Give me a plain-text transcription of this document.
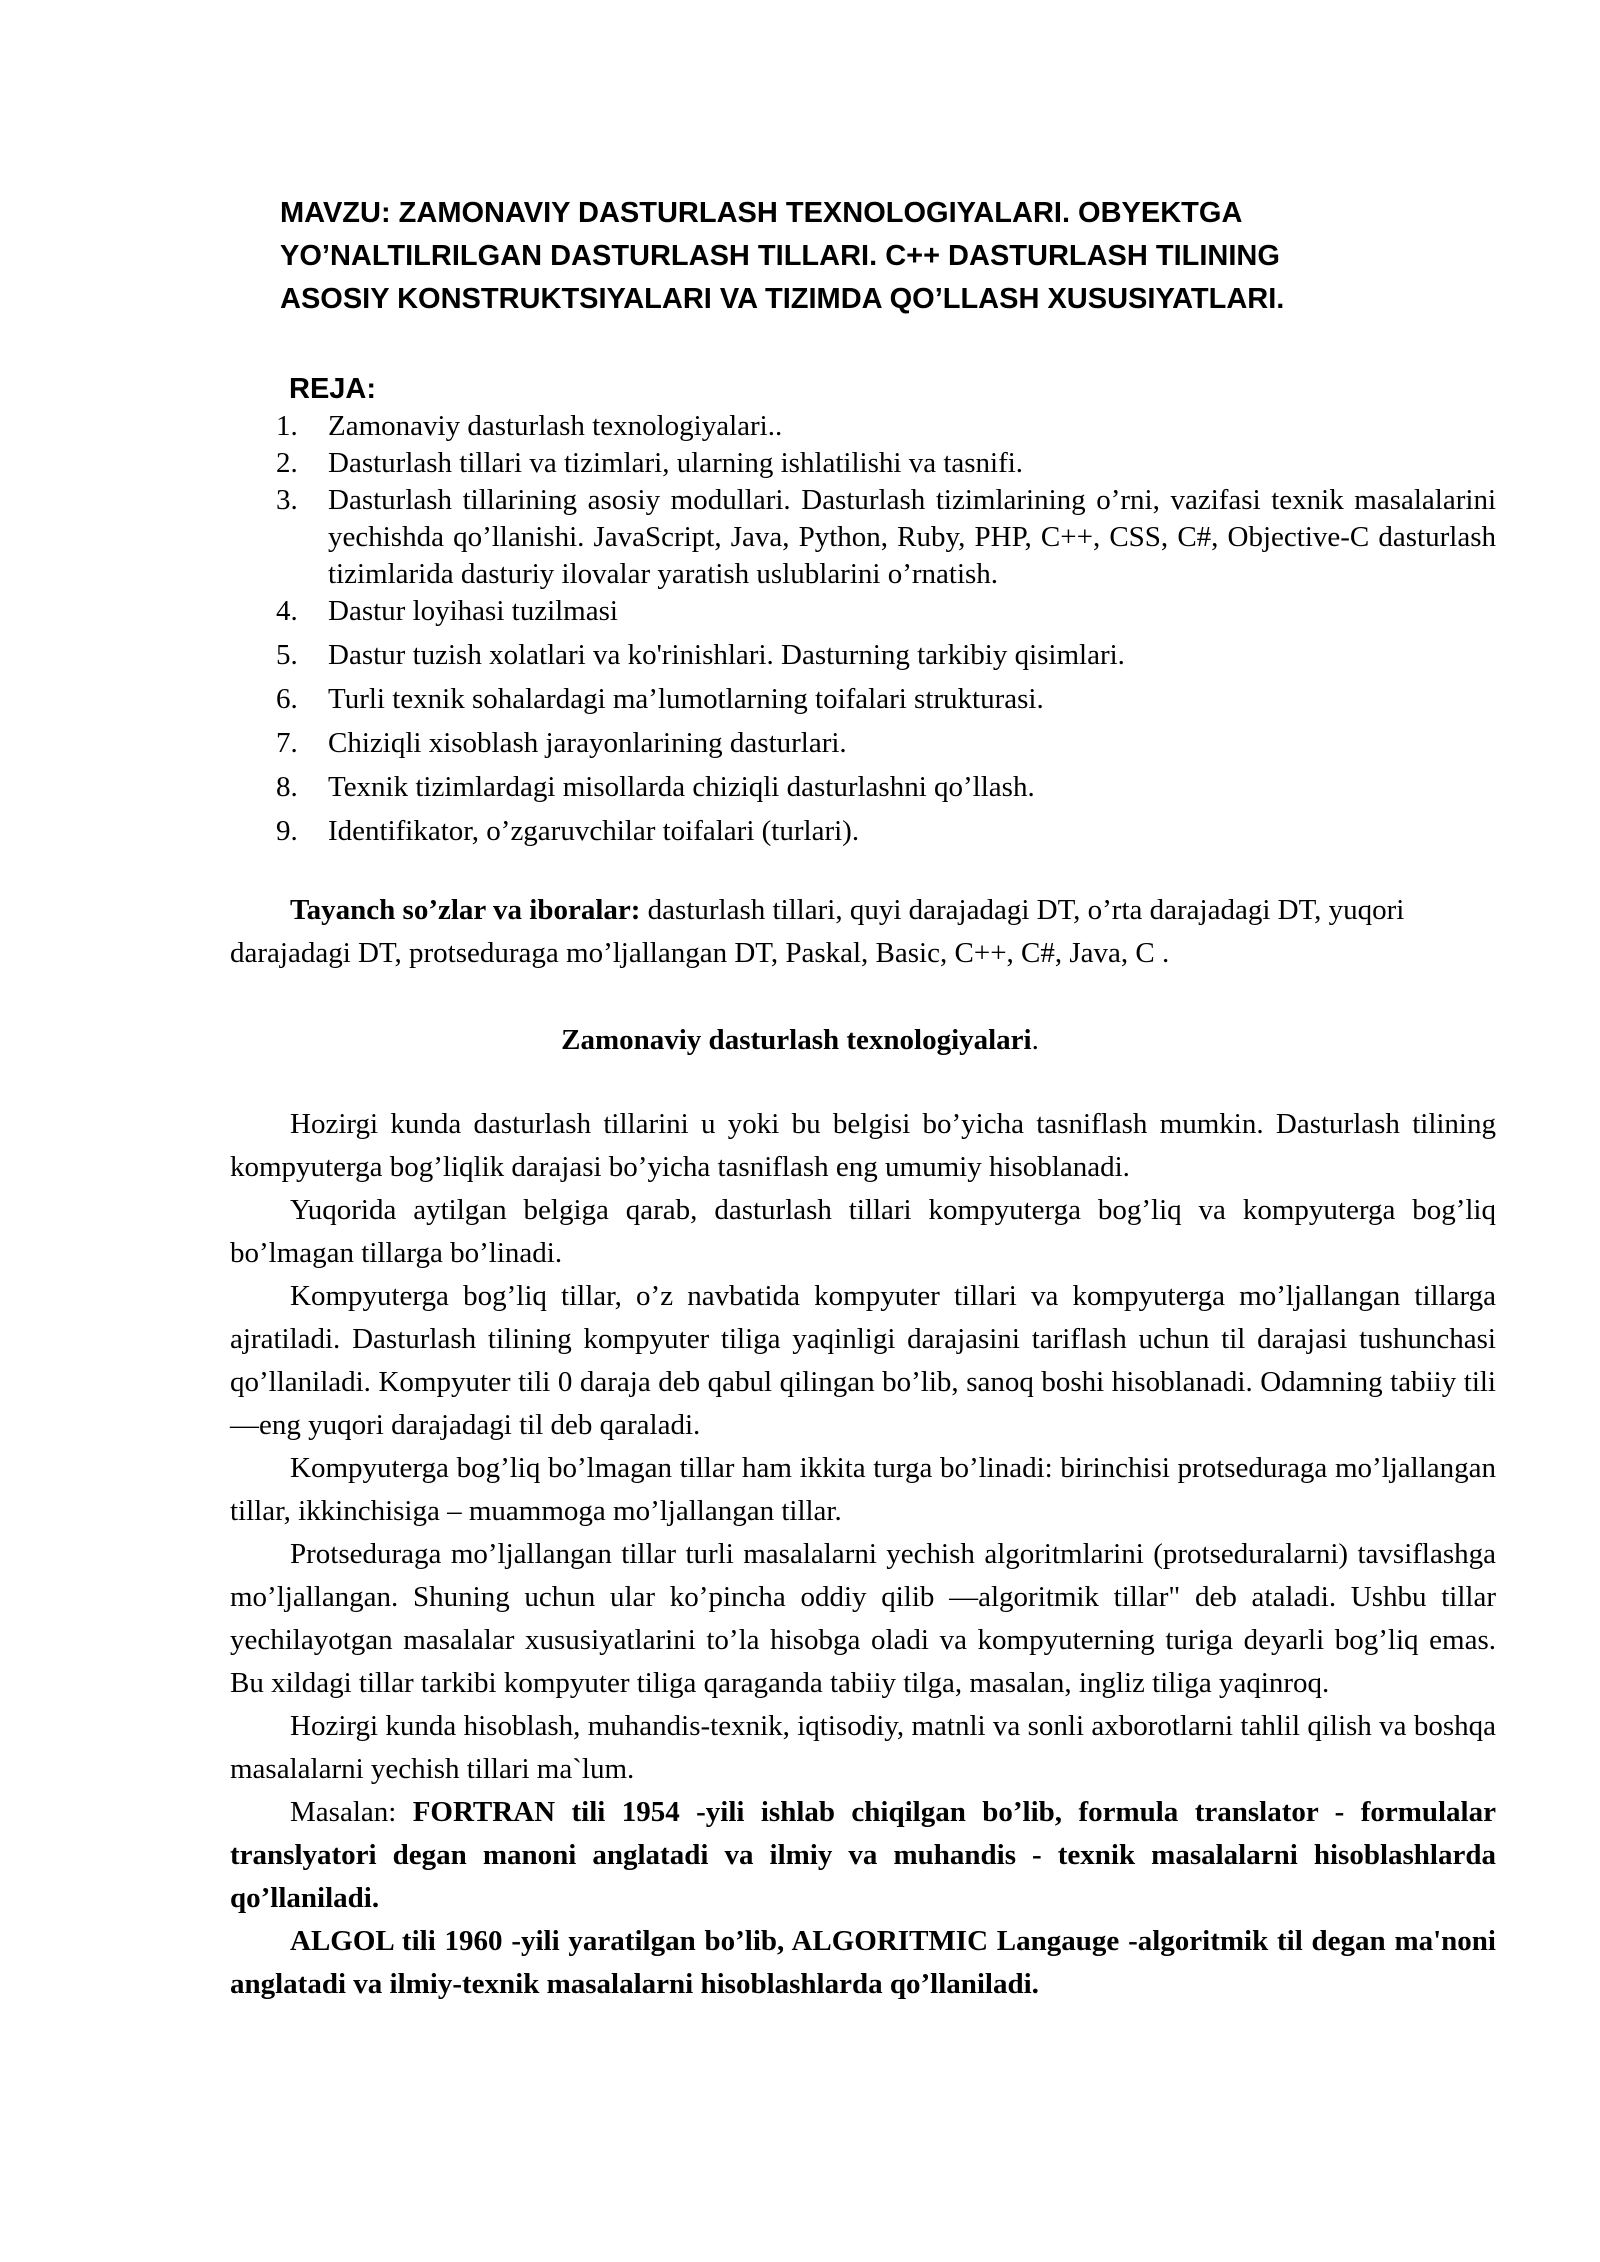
MAVZU: ZAMONAVIY DASTURLASH TEXNOLOGIYALARI. OBYEKTGA
YO’NALTILRILGAN DASTURLASH TILLARI. C++ DASTURLASH TILINING
ASOSIY KONSTRUKTSIYALARI VA TIZIMDA QO’LLASH XUSUSIYATLARI.
REJA:
1.	Zamonaviy dasturlash texnologiyalari..
2.	Dasturlash tillari va tizimlari, ularning ishlatilishi va tasnifi.
3.	Dasturlash tillarining asosiy modullari. Dasturlash tizimlarining o’rni, vazifasi texnik masalalarini yechishda qo’llanishi. JavaScript, Java, Python, Ruby, PHP, C++, CSS, C#, Objective-C dasturlash tizimlarida dasturiy ilovalar yaratish uslublarini o’rnatish.
4.	Dastur loyihasi tuzilmasi
5.	Dastur tuzish xolatlari va ko'rinishlari. Dasturning tarkibiy qisimlari.
6.	Turli texnik sohalardagi ma’lumotlarning toifalari strukturasi.
7.	Chiziqli xisoblash jarayonlarining dasturlari.
8.	Texnik tizimlardagi misollarda chiziqli dasturlashni qo’llash.
9.	Identifikator, o’zgaruvchilar toifalari (turlari).
Tayanch so’zlar va iboralar: dasturlash tillari, quyi darajadagi DT, o’rta darajadagi DT, yuqori darajadagi DT, protseduraga mo’ljallangan DT, Paskal, Basic, C++, C#, Java, C .
Zamonaviy dasturlash texnologiyalari.

Hozirgi kunda dasturlash tillarini u yoki bu belgisi bo’yicha tasniflash mumkin. Dasturlash tilining kompyuterga bog’liqlik darajasi bo’yicha tasniflash eng umumiy hisoblanadi.

Yuqorida aytilgan belgiga qarab, dasturlash tillari kompyuterga bog’liq va kompyuterga bog’liq bo’lmagan tillarga bo’linadi.

Kompyuterga bog’liq tillar, o’z navbatida kompyuter tillari va kompyuterga mo’ljallangan tillarga ajratiladi. Dasturlash tilining kompyuter tiliga yaqinligi darajasini tariflash uchun til darajasi tushunchasi qo’llaniladi. Kompyuter tili 0 daraja deb qabul qilingan bo’lib, sanoq boshi hisoblanadi. Odamning tabiiy tili ―eng yuqori darajadagi til deb qaraladi.

Kompyuterga bog’liq bo’lmagan tillar ham ikkita turga bo’linadi: birinchisi protseduraga mo’ljallangan tillar, ikkinchisiga – muammoga mo’ljallangan tillar.

Protseduraga mo’ljallangan tillar turli masalalarni yechish algoritmlarini (protseduralarni) tavsiflashga mo’ljallangan. Shuning uchun ular ko’pincha oddiy qilib ―algoritmik tillar" deb ataladi. Ushbu tillar yechilayotgan masalalar xususiyatlarini to’la hisobga oladi va kompyuterning turiga deyarli bog’liq emas. Bu xildagi tillar tarkibi kompyuter tiliga qaraganda tabiiy tilga, masalan, ingliz tiliga yaqinroq.

Hozirgi kunda hisoblash, muhandis-texnik, iqtisodiy, matnli va sonli axborotlarni tahlil qilish va boshqa masalalarni yechish tillari ma`lum.

Masalan: FORTRAN tili 1954 -yili ishlab chiqilgan bo’lib, formula translator - formulalar translyatori degan manoni anglatadi va ilmiy va muhandis - texnik masalalarni hisoblashlarda qo’llaniladi.

ALGOL tili 1960 -yili yaratilgan bo’lib, ALGORITMIC Langauge -algoritmik til degan ma'noni anglatadi va ilmiy-texnik masalalarni hisoblashlarda qo’llaniladi.
